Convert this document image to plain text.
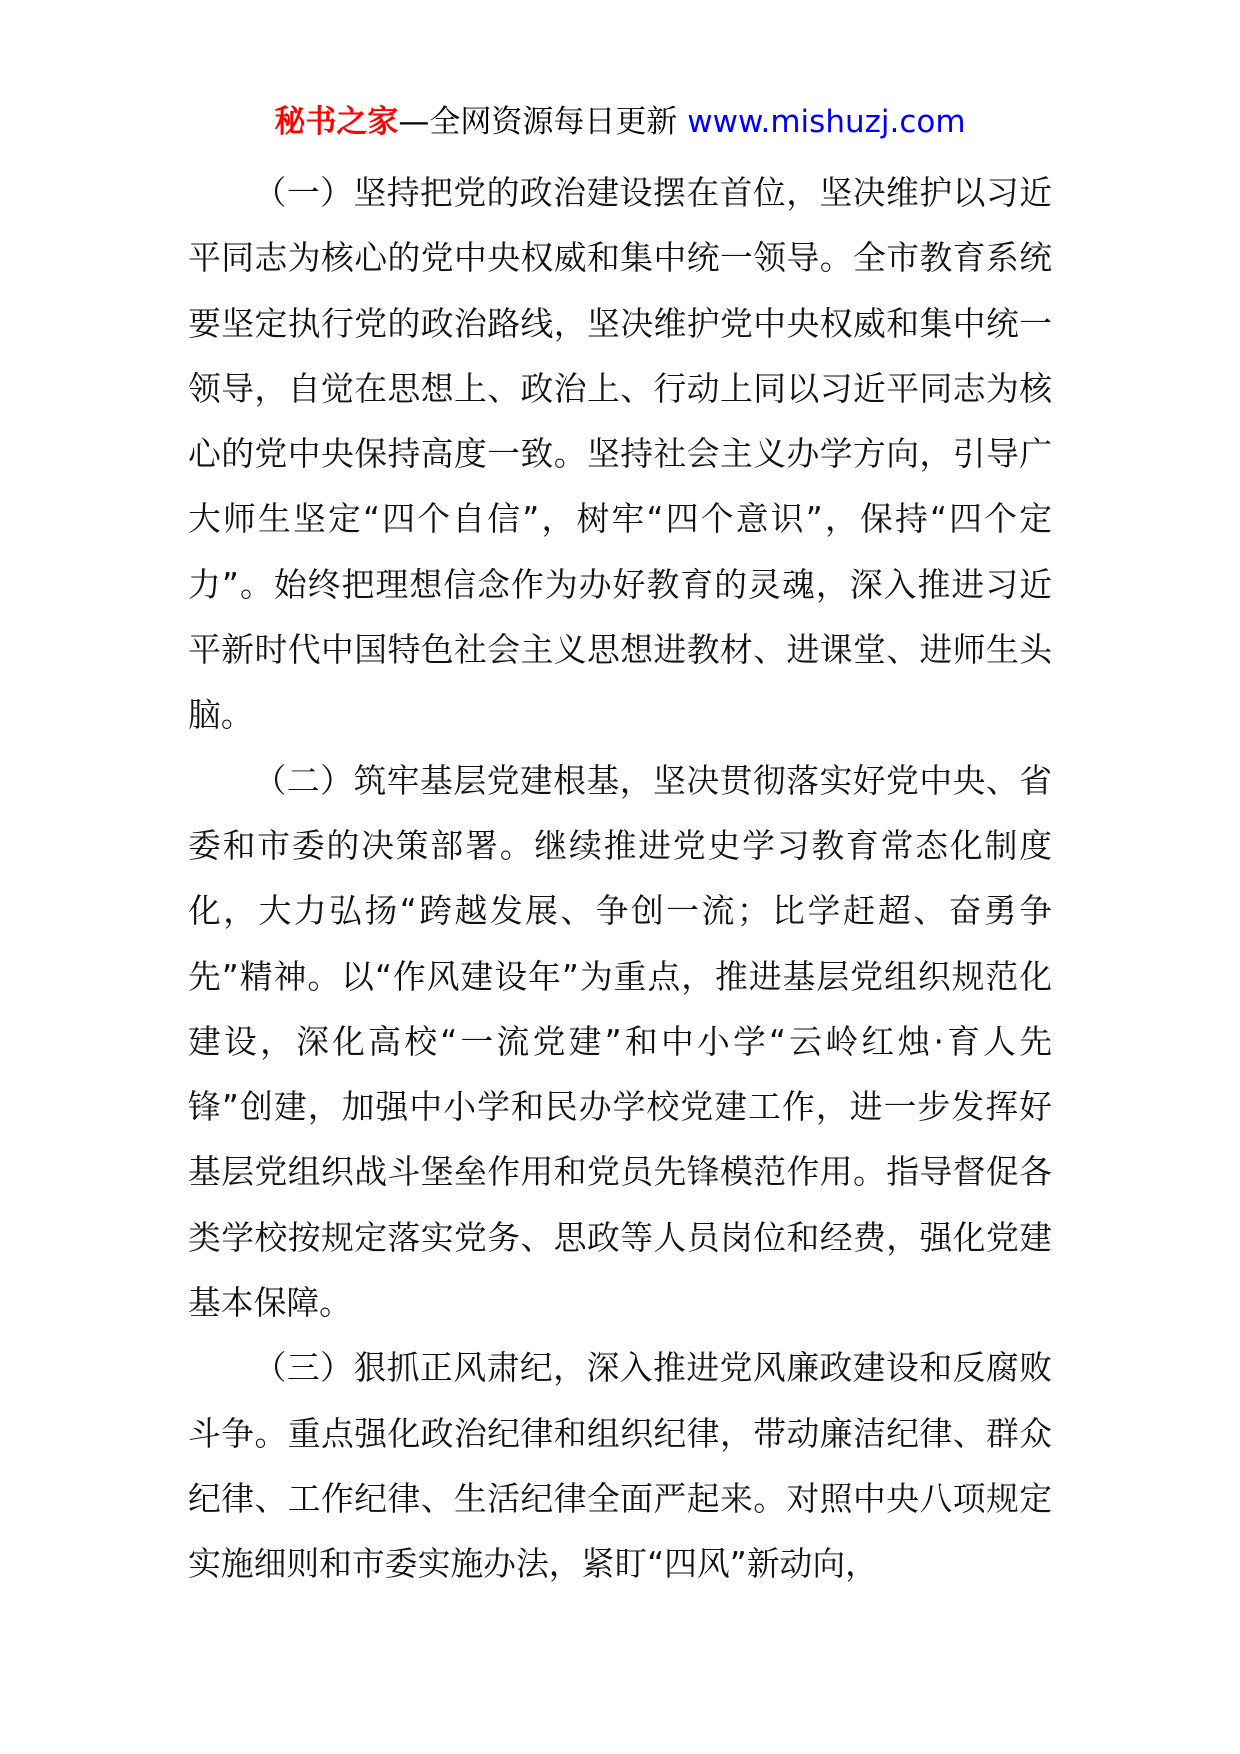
秘书之家—全网资源每日更新 www.mishuzj.com

（一）坚持把党的政治建设摆在首位，坚决维护以习近平同志为核心的党中央权威和集中统一领导。全市教育系统要坚定执行党的政治路线，坚决维护党中央权威和集中统一领导，自觉在思想上、政治上、行动上同以习近平同志为核心的党中央保持高度一致。坚持社会主义办学方向，引导广大师生坚定“四个自信”，树牢“四个意识”，保持“四个定力”。始终把理想信念作为办好教育的灵魂，深入推进习近平新时代中国特色社会主义思想进教材、进课堂、进师生头脑。

（二）筑牢基层党建根基，坚决贯彻落实好党中央、省委和市委的决策部署。继续推进党史学习教育常态化制度化，大力弘扬“跨越发展、争创一流；比学赶超、奋勇争先”精神。以“作风建设年”为重点，推进基层党组织规范化建设，深化高校“一流党建”和中小学“云岭红烛·育人先锋”创建，加强中小学和民办学校党建工作，进一步发挥好基层党组织战斗堡垒作用和党员先锋模范作用。指导督促各类学校按规定落实党务、思政等人员岗位和经费，强化党建基本保障。

（三）狠抓正风肃纪，深入推进党风廉政建设和反腐败斗争。重点强化政治纪律和组织纪律，带动廉洁纪律、群众纪律、工作纪律、生活纪律全面严起来。对照中央八项规定实施细则和市委实施办法，紧盯“四风”新动向，
